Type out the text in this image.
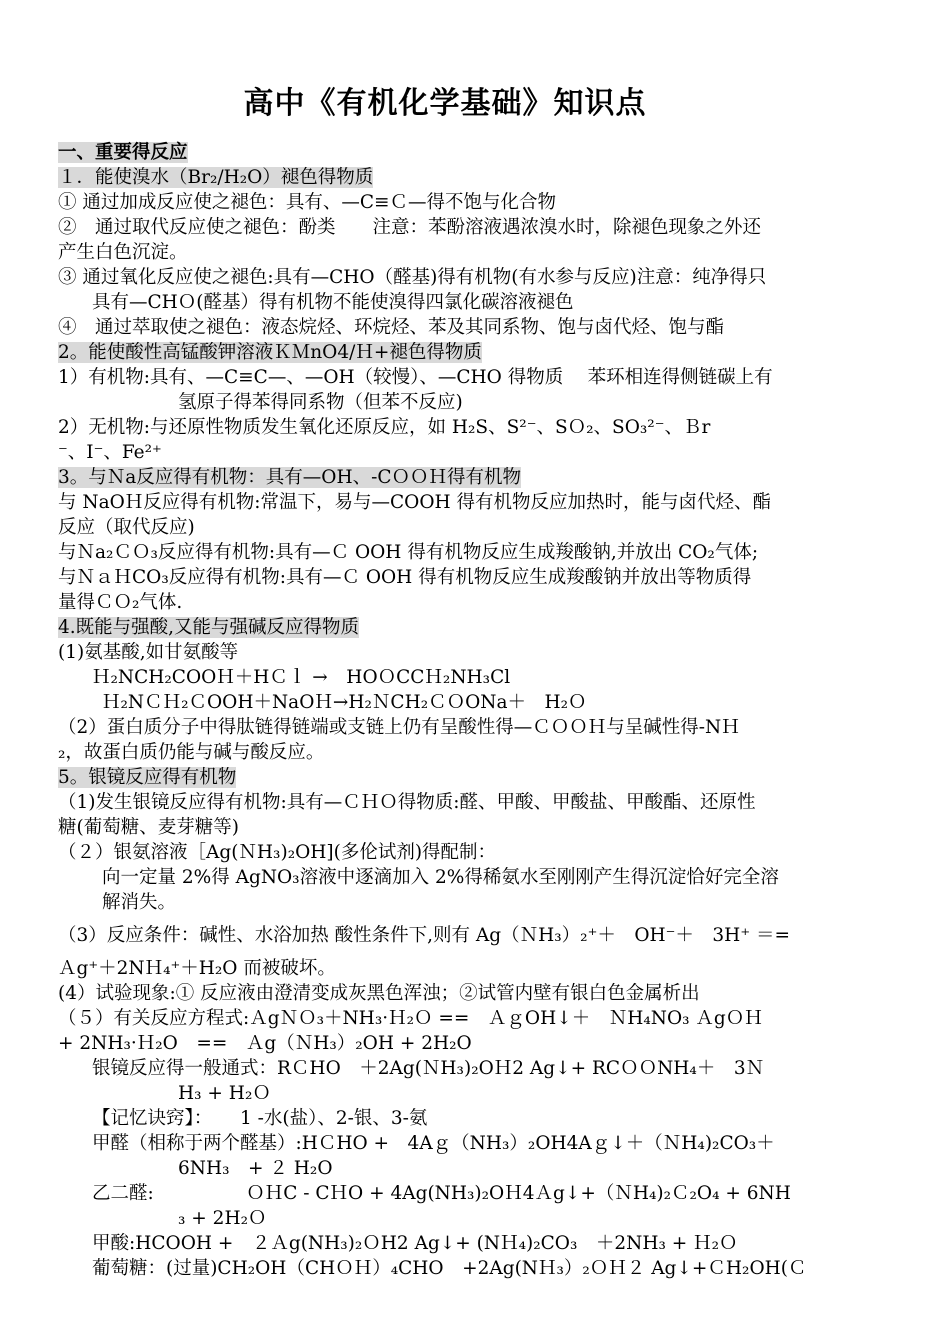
高中《有机化学基础》知识点
一、重要得反应
１．能使溴水（Br₂/H₂O）褪色得物质
① 通过加成反应使之褪色：具有、—C≡Ｃ—得不饱与化合物
②　通过取代反应使之褪色：酚类　　注意：苯酚溶液遇浓溴水时，除褪色现象之外还
产生白色沉淀。
③ 通过氧化反应使之褪色:具有—CHO（醛基)得有机物(有水参与反应)注意：纯净得只
具有—CHＯ(醛基）得有机物不能使溴得四氯化碳溶液褪色
④　通过萃取使之褪色：液态烷烃、环烷烃、苯及其同系物、饱与卤代烃、饱与酯
2。能使酸性高锰酸钾溶液ＫＭnO4/Ｈ+褪色得物质
1）有机物:具有、—C≡C—、—OH（较慢）、—CHO 得物质　 苯环相连得侧链碳上有
氢原子得苯得同系物（但苯不反应)
2）无机物:与还原性物质发生氧化还原反应，如 H₂S、S²⁻、SＯ₂、SO₃²⁻、Ｂr
⁻、I⁻、Fe²⁺
3。与Ｎa反应得有机物：具有—OH、-CＯＯＨ得有机物
与 NaOＨ反应得有机物:常温下，易与—COOH 得有机物反应加热时，能与卤代烃、酯
反应（取代反应)
与Ｎa₂ＣＯ₃反应得有机物:具有—Ｃ OOH 得有机物反应生成羧酸钠,并放出 CO₂气体;
与ＮａＨCO₃反应得有机物:具有—Ｃ OOH 得有机物反应生成羧酸钠并放出等物质得
量得ＣＯ₂气体.
4.既能与强酸,又能与强碱反应得物质
(1)氨基酸,如甘氨酸等
Ｈ₂NCH₂COOＨ＋HＣｌ →　HOＯCCＨ₂NH₃Cl
Ｈ₂NＣＨ₂ＣOOH＋NaOＨ→H₂ＮCH₂ＣＯONa＋　H₂Ｏ
（2）蛋白质分子中得肽链得链端或支链上仍有呈酸性得—ＣＯＯＨ与呈碱性得-NＨ
₂，故蛋白质仍能与碱与酸反应。
5。银镜反应得有机物
（1)发生银镜反应得有机物:具有—ＣＨＯ得物质:醛、甲酸、甲酸盐、甲酸酯、还原性
糖(葡萄糖、麦芽糖等)
（２）银氨溶液［Ag(ＮH₃)₂OH](多伦试剂)得配制：
向一定量 2%得 AgNO₃溶液中逐滴加入 2%得稀氨水至刚刚产生得沉淀恰好完全溶
解消失。
（3）反应条件：碱性、水浴加热 酸性条件下,则有 Ag（ＮH₃）₂⁺＋　OH⁻＋　3H⁺ ＝=
Ａg⁺＋2NＨ₄⁺＋H₂O 而被破坏。
(4）试验现象:① 反应液由澄清变成灰黑色浑浊；②试管内壁有银白色金属析出
（５）有关反应方程式:ＡgＮＯ₃＋NH₃·Ｈ₂Ｏ ==　ＡｇOH↓＋　ＮH₄NO₃ ＡgＯＨ
+ 2NH₃·Ｈ₂O　==　Ａg（ＮH₃）₂OH + 2H₂O
银镜反应得一般通式：RＣHO　＋2Ag(ＮH₃)₂OＨ2 Ag↓+ RCＯＯNH₄＋　3Ｎ
H₃ + H₂Ｏ
【记忆诀窍】：　　1 -水(盐）、2-银、3-氨
甲醛（相称于两个醛基）:HＣHO +　4Aｇ（NH₃）₂OH4Aｇ↓＋（ＮH₄)₂CO₃＋
6NH₃　+ ２ H₂O
乙二醛:　　　　　ＯＨC - CＨO + 4Ag(NH₃)₂OＨ4Ａg↓+（ＮH₄)₂Ｃ₂O₄ + 6NH
₃ + 2H₂Ｏ
甲酸:HCOOH +　２Ａg(NH₃)₂ＯH2 Ag↓+ (NＨ₄)₂CO₃　＋2NH₃ + Ｈ₂Ｏ
葡萄糖：(过量)CH₂OH（CHＯＨ）₄CHO　+2Ag(NＨ₃）₂ＯＨ２ Ag↓+ＣH₂OH(Ｃ
